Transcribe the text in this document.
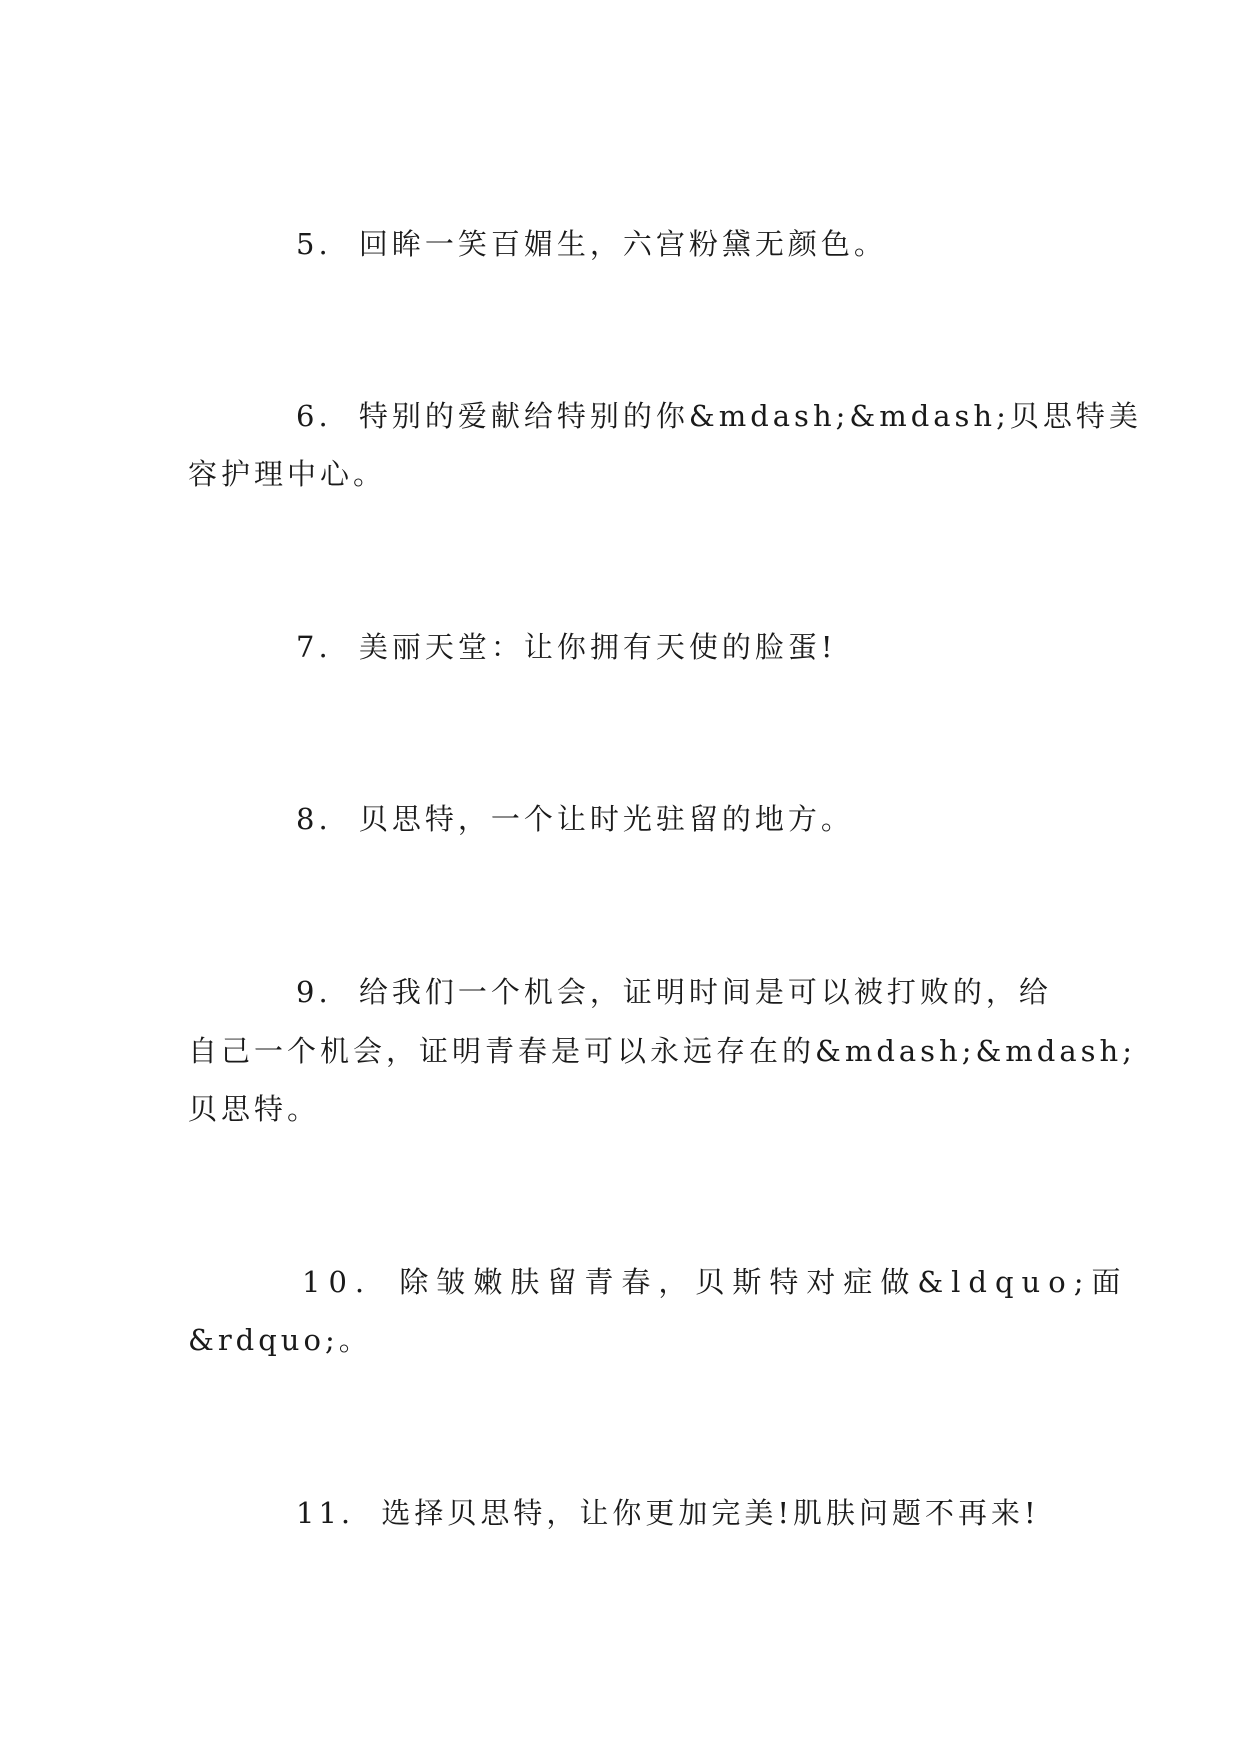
5. 回眸一笑百媚生，六宫粉黛无颜色。
6. 特别的爱献给特别的你&mdash;&mdash;贝思特美
容护理中心。
7. 美丽天堂：让你拥有天使的脸蛋!
8. 贝思特，一个让时光驻留的地方。
9. 给我们一个机会，证明时间是可以被打败的，给
自己一个机会，证明青春是可以永远存在的&mdash;&mdash;
贝思特。
10. 除皱嫩肤留青春，贝斯特对症做&ldquo;面
&rdquo;。
11. 选择贝思特，让你更加完美!肌肤问题不再来!
